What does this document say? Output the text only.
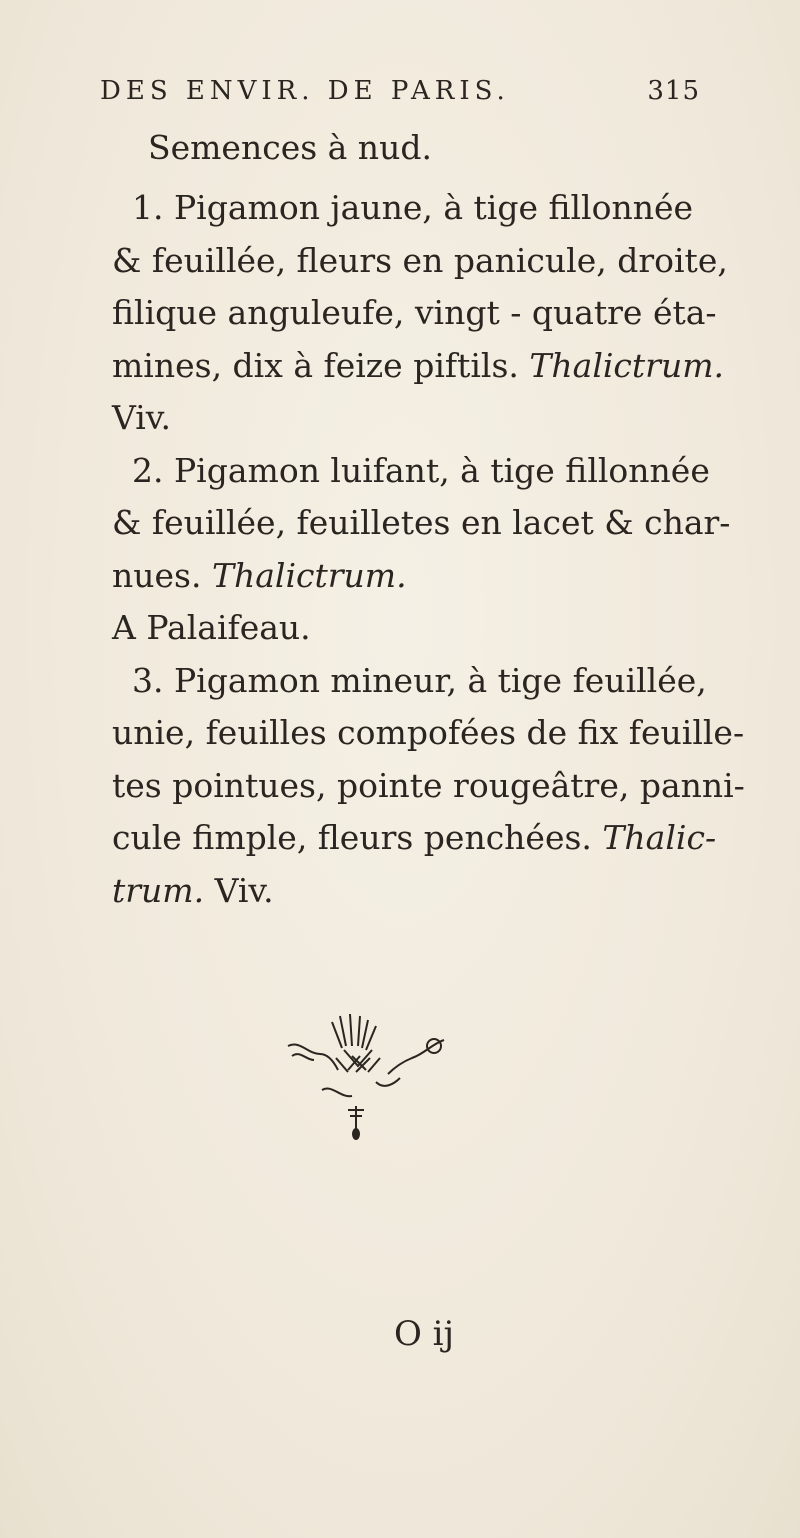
DES ENVIR. DE PARIS.	315
Semences à nud.
1. Pigamon jaune, à tige fillonnée
& feuillée, fleurs en panicule, droite,
filique anguleufe, vingt - quatre éta-
mines, dix à feize piftils. Thalictrum.
Viv.
2. Pigamon luifant, à tige fillonnée
& feuillée, feuilletes en lacet & char-
nues. Thalictrum.
A Palaifeau.
3. Pigamon mineur, à tige feuillée,
unie, feuilles compofées de fix feuille-
tes pointues, pointe rougeâtre, panni-
cule fimple, fleurs penchées. Thalic-
trum. Viv.
O ij
